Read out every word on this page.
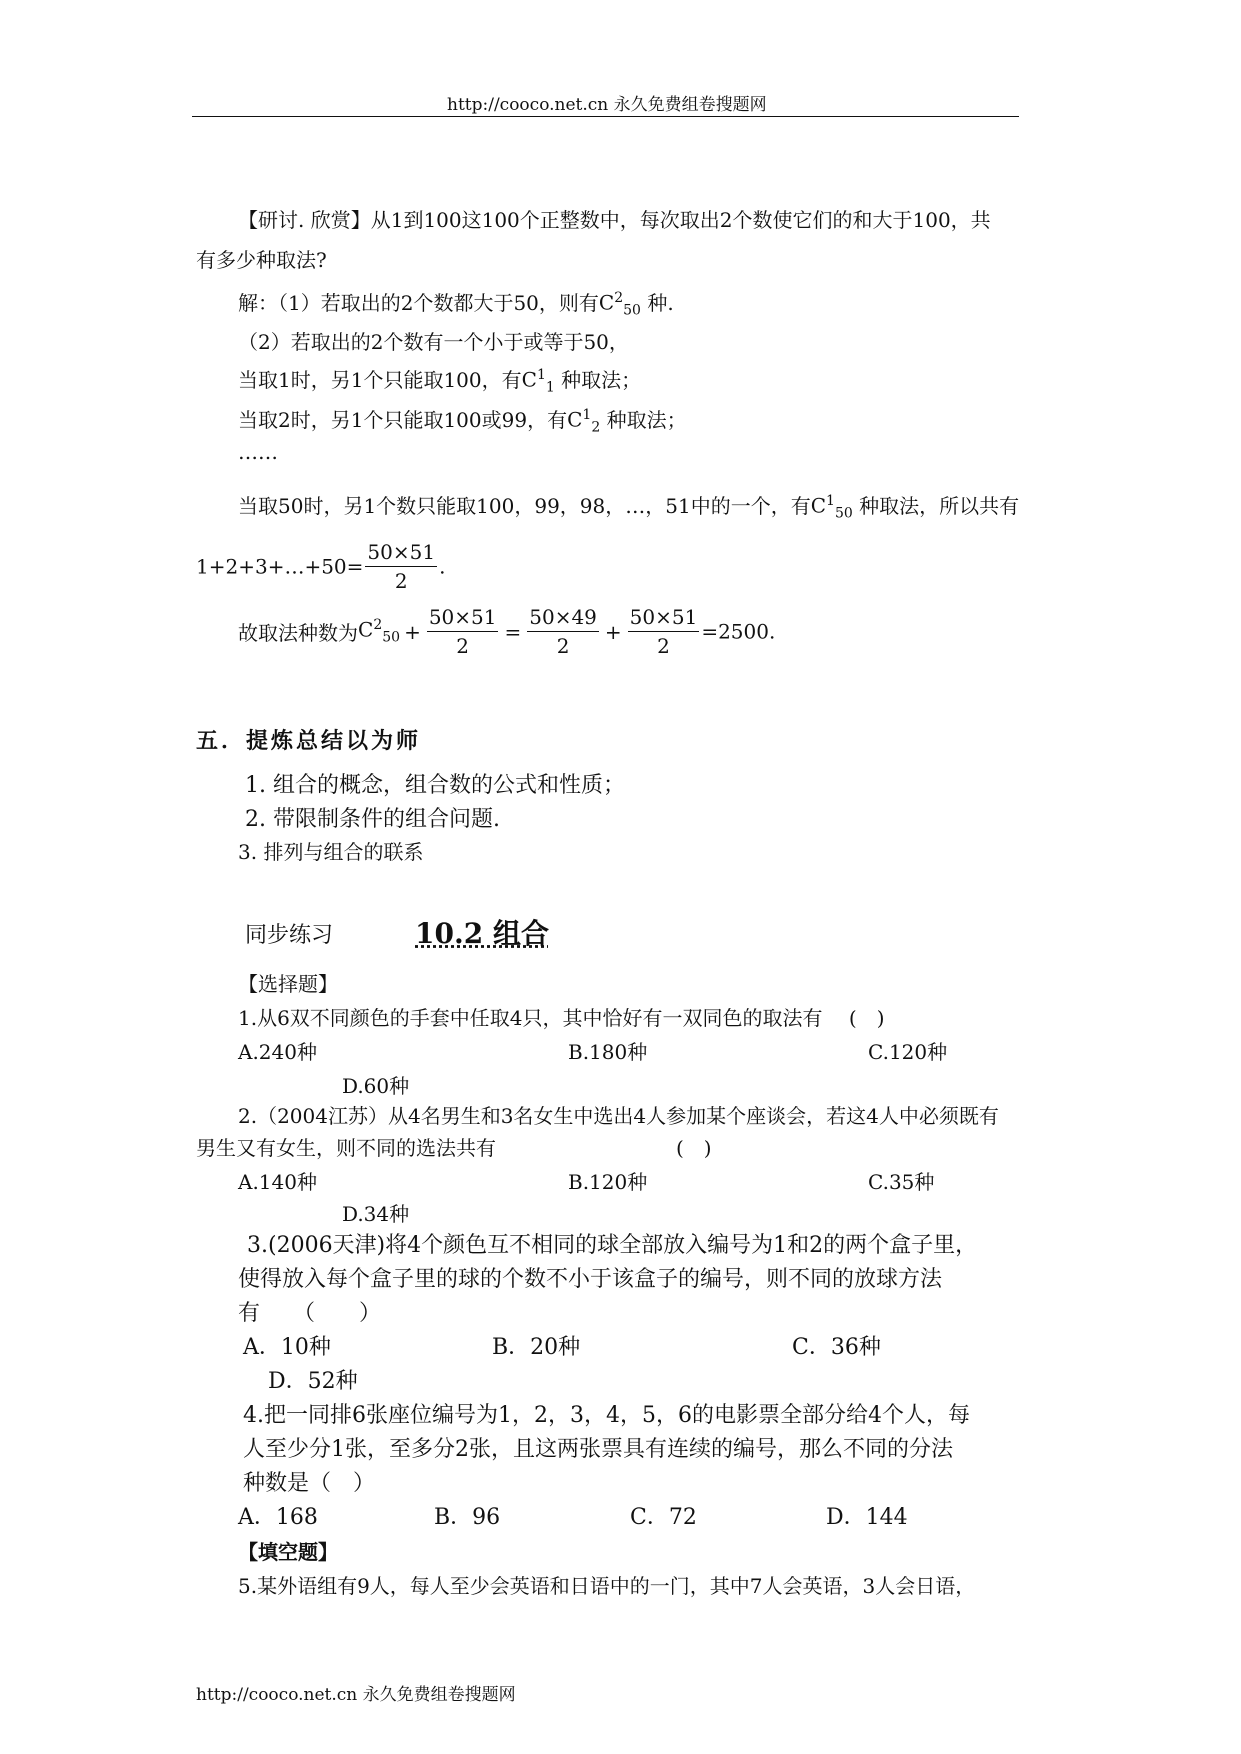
http://cooco.net.cn 永久免费组卷搜题网
【研讨. 欣赏】从1到100这100个正整数中，每次取出2个数使它们的和大于100，共
有多少种取法?
解：（1）若取出的2个数都大于50，则有$C^2_{50}$ 种.
（2）若取出的2个数有一个小于或等于50，
当取1时，另1个只能取100，有$C^1_1$ 种取法；
当取2时，另1个只能取100或99，有$C^1_2$ 种取法；
……
当取50时，另1个数只能取100，99，98，…，51中的一个，有$C^1_{50}$ 种取法，所以共有
1+2+3+…+50= $\frac{50\times 51}{2}$ .
故取法种数为$C^2_{50} + \frac{50\times 51}{2} = \frac{50\times 49}{2} + \frac{50\times 51}{2} =2500$.
五．提炼总结以为师
1. 组合的概念，组合数的公式和性质；
2. 带限制条件的组合问题.
3. 排列与组合的联系
同步练习	10.2 组合
【选择题】
1.从6双不同颜色的手套中任取4只，其中恰好有一双同色的取法有　 (　)
A.240种	B.180种	C.120种
D.60种
2.（2004江苏）从4名男生和3名女生中选出4人参加某个座谈会，若这4人中必须既有
男生又有女生，则不同的选法共有　　　　　　　　　(　)
A.140种	B.120种	C.35种
D.34种
3.(2006天津)将4个颜色互不相同的球全部放入编号为1和2的两个盒子里，
使得放入每个盒子里的球的个数不小于该盒子的编号，则不同的放球方法
有　　（　　）
A．10种	B．20种	C．36种
D．52种
4.把一同排6张座位编号为1，2，3，4，5，6的电影票全部分给4个人，每
人至少分1张，至多分2张，且这两张票具有连续的编号，那么不同的分法
种数是（　）
A．168	B．96	C．72	D．144
【填空题】
5.某外语组有9人，每人至少会英语和日语中的一门，其中7人会英语，3人会日语，
http://cooco.net.cn 永久免费组卷搜题网
